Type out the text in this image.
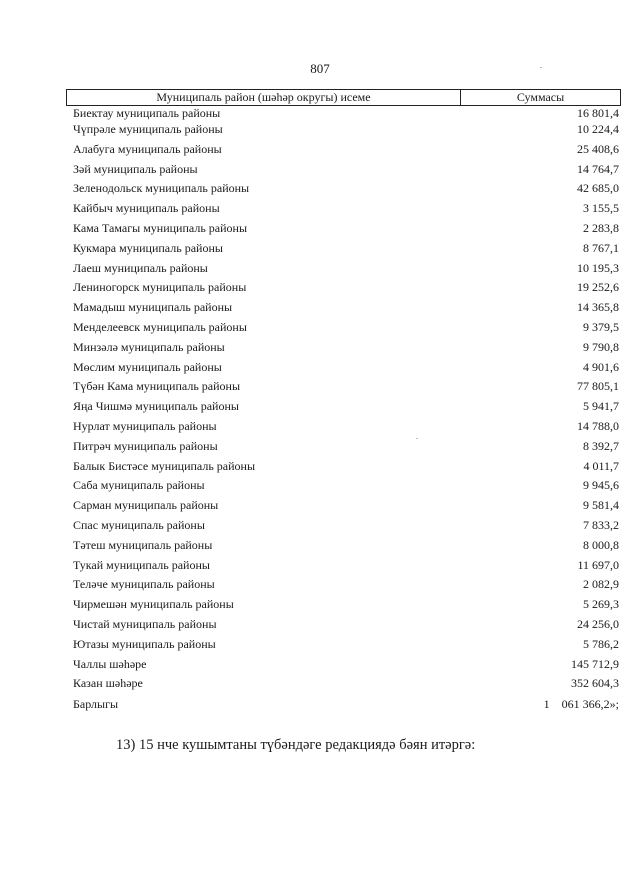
807
Муниципаль район (шәһәр округы) исеме	Суммасы
Биектау муниципаль районы	16 801,4
Чүпрәле муниципаль районы	10 224,4
Алабуга муниципаль районы	25 408,6
Зәй муниципаль районы	14 764,7
Зеленодольск муниципаль районы	42 685,0
Кайбыч муниципаль районы	3 155,5
Кама Тамагы муниципаль районы	2 283,8
Кукмара муниципаль районы	8 767,1
Лаеш муниципаль районы	10 195,3
Лениногорск муниципаль районы	19 252,6
Мамадыш муниципаль районы	14 365,8
Менделеевск муниципаль районы	9 379,5
Минзәлә муниципаль районы	9 790,8
Мөслим муниципаль районы	4 901,6
Түбән Кама муниципаль районы	77 805,1
Яңа Чишмә муниципаль районы	5 941,7
Нурлат муниципаль районы	14 788,0
Питрәч муниципаль районы	8 392,7
Балык Бистәсе муниципаль районы	4 011,7
Саба муниципаль районы	9 945,6
Сарман муниципаль районы	9 581,4
Спас муниципаль районы	7 833,2
Тәтеш муниципаль районы	8 000,8
Тукай муниципаль районы	11 697,0
Теләче муниципаль районы	2 082,9
Чирмешән муниципаль районы	5 269,3
Чистай муниципаль районы	24 256,0
Ютазы муниципаль районы	5 786,2
Чаллы шәһәре	145 712,9
Казан шәһәре	352 604,3
Барлыгы	1    061 366,2»;
13) 15 нче кушымтаны түбәндәге редакциядә бәян итәргә:
